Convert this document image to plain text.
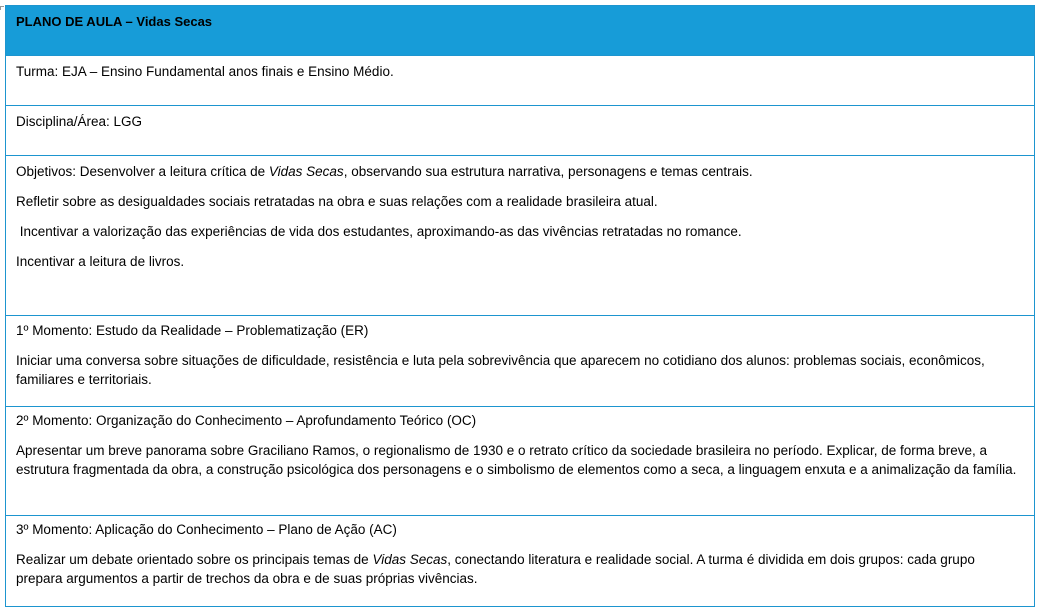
PLANO DE AULA – Vidas Secas

Turma: EJA – Ensino Fundamental anos finais e Ensino Médio.

Disciplina/Área: LGG

Objetivos: Desenvolver a leitura crítica de Vidas Secas, observando sua estrutura narrativa, personagens e temas centrais.

Refletir sobre as desigualdades sociais retratadas na obra e suas relações com a realidade brasileira atual.

Incentivar a valorização das experiências de vida dos estudantes, aproximando-as das vivências retratadas no romance.

Incentivar a leitura de livros.

1º Momento: Estudo da Realidade – Problematização (ER)

Iniciar uma conversa sobre situações de dificuldade, resistência e luta pela sobrevivência que aparecem no cotidiano dos alunos: problemas sociais, econômicos, familiares e territoriais.

2º Momento: Organização do Conhecimento – Aprofundamento Teórico (OC)

Apresentar um breve panorama sobre Graciliano Ramos, o regionalismo de 1930 e o retrato crítico da sociedade brasileira no período. Explicar, de forma breve, a estrutura fragmentada da obra, a construção psicológica dos personagens e o simbolismo de elementos como a seca, a linguagem enxuta e a animalização da família.

3º Momento: Aplicação do Conhecimento – Plano de Ação (AC)

Realizar um debate orientado sobre os principais temas de Vidas Secas, conectando literatura e realidade social. A turma é dividida em dois grupos: cada grupo prepara argumentos a partir de trechos da obra e de suas próprias vivências.
